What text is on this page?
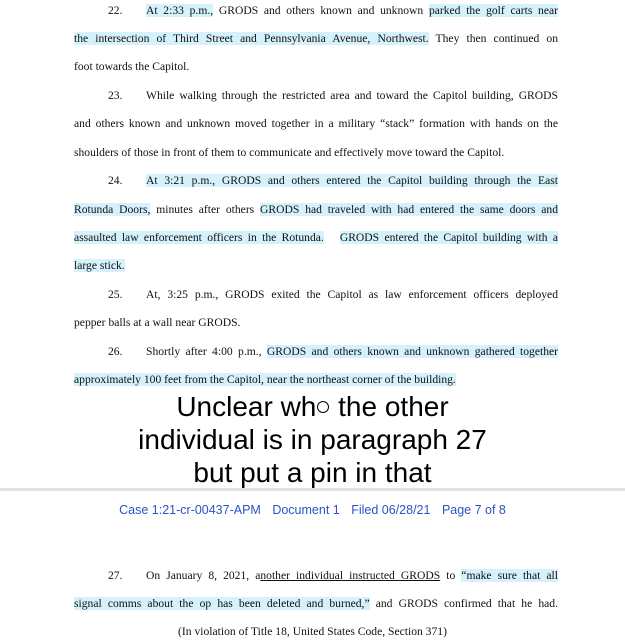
22. At 2:33 p.m., GRODS and others known and unknown parked the golf carts near
the intersection of Third Street and Pennsylvania Avenue, Northwest. They then continued on
foot towards the Capitol.
23. While walking through the restricted area and toward the Capitol building, GRODS
and others known and unknown moved together in a military “stack” formation with hands on the
shoulders of those in front of them to communicate and effectively move toward the Capitol.
24. At 3:21 p.m., GRODS and others entered the Capitol building through the East
Rotunda Doors, minutes after others GRODS had traveled with had entered the same doors and
assaulted law enforcement officers in the Rotunda. GRODS entered the Capitol building with a
large stick.
25. At, 3:25 p.m., GRODS exited the Capitol as law enforcement officers deployed
pepper balls at a wall near GRODS.
26. Shortly after 4:00 p.m., GRODS and others known and unknown gathered together
approximately 100 feet from the Capitol, near the northeast corner of the building.
Unclear wh the other
individual is in paragraph 27
but put a pin in that
Case 1:21-cr-00437-APM Document 1 Filed 06/28/21 Page 7 of 8
27. On January 8, 2021, another individual instructed GRODS to “make sure that all
signal comms about the op has been deleted and burned,” and GRODS confirmed that he had.
(In violation of Title 18, United States Code, Section 371)
